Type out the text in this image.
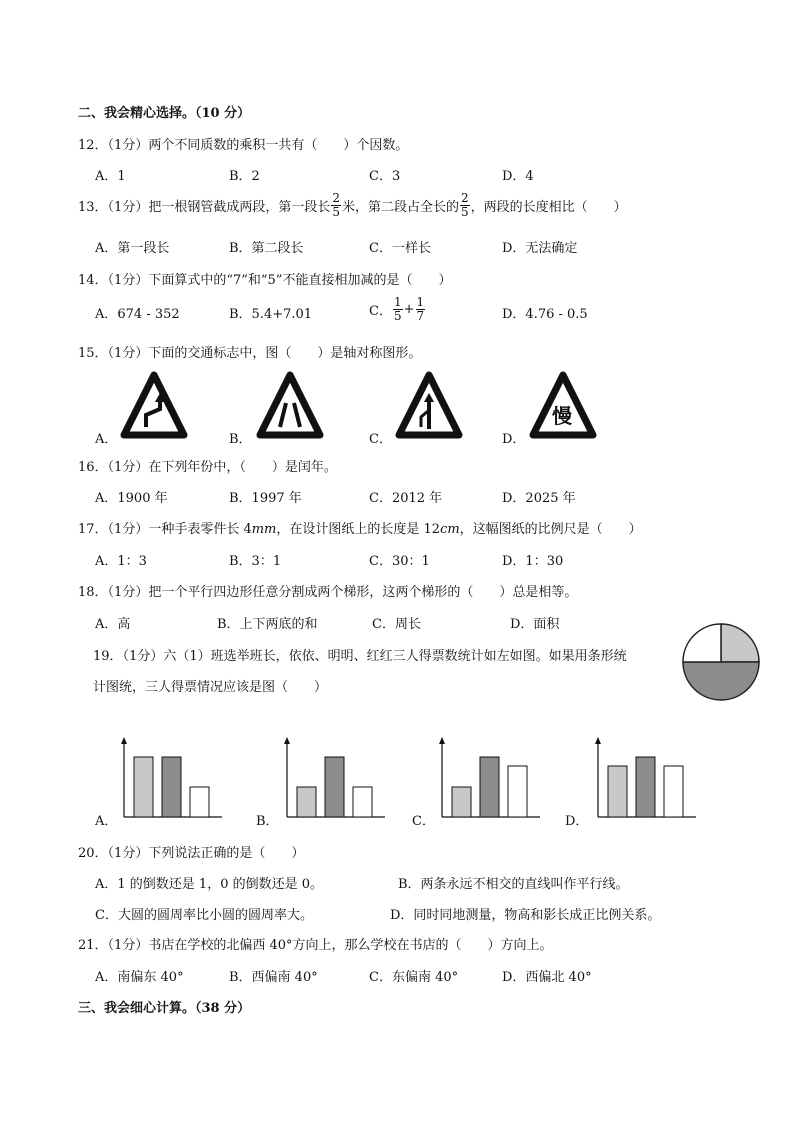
二、我会精心选择。（10 分）
12．（1分）两个不同质数的乘积一共有（　　）个因数。
A．1	B．2	C．3	D．4
13．（1分）把一根钢管截成两段，第一段长 $\frac{2}{5}$ 米，第二段占全长的 $\frac{2}{5}$ ，两段的长度相比（　　）
A．第一段长	B．第二段长	C．一样长	D．无法确定
14．（1分）下面算式中的“7”和“5”不能直接相加减的是（　　）
A．674 - 352	B．5.4+7.01	C． $\frac{1}{5} + \frac{1}{7}$	D．4.76 - 0.5
15．（1分）下面的交通标志中，图（　　）是轴对称图形。
A．	B．	C．	D．
慢
16．（1分）在下列年份中，（　　）是闰年。
A．1900 年	B．1997 年	C．2012 年	D．2025 年
17．（1分）一种手表零件长 4mm，在设计图纸上的长度是 12cm，这幅图纸的比例尺是（　　）
A．1：3	B．3：1	C．30：1	D．1：30
18．（1分）把一个平行四边形任意分割成两个梯形，这两个梯形的（　　）总是相等。
A．高	B．上下两底的和	C．周长	D．面积
19．（1分）六（1）班选举班长，依依、明明、红红三人得票数统计如左如图。如果用条形统
计图统，三人得票情况应该是图（　　）
A．	B．	C．	D．
20．（1分）下列说法正确的是（　　）
A．1 的倒数还是 1，0 的倒数还是 0。	B．两条永远不相交的直线叫作平行线。
C．大圆的圆周率比小圆的圆周率大。	D．同时同地测量，物高和影长成正比例关系。
21．（1分）书店在学校的北偏西 40°方向上，那么学校在书店的（　　）方向上。
A．南偏东 40°	B．西偏南 40°	C．东偏南 40°	D．西偏北 40°
三、我会细心计算。（38 分）
